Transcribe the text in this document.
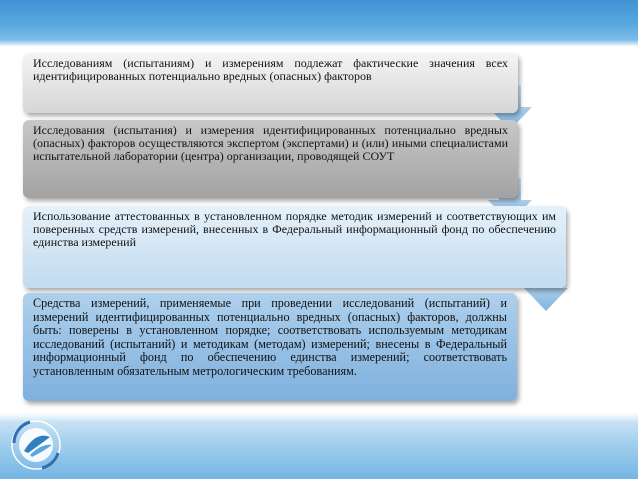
Исследованиям (испытаниям) и измерениям подлежат фактические значения всех идентифицированных потенциально вредных (опасных) факторов
Исследования (испытания) и измерения идентифицированных потенциально вредных (опасных) факторов осуществляются экспертом (экспертами) и (или) иными специалистами испытательной лаборатории (центра) организации, проводящей СОУТ
Использование аттестованных в установленном порядке методик измерений и соответствующих им поверенных средств измерений, внесенных в Федеральный информационный фонд по обеспечению единства измерений
Средства измерений, применяемые при проведении исследований (испытаний) и измерений идентифицированных потенциально вредных (опасных) факторов, должны быть: поверены в установленном порядке; соответствовать используемым методикам исследований (испытаний) и методикам (методам) измерений; внесены в Федеральный информационный фонд по обеспечению единства измерений; соответствовать установленным обязательным метрологическим требованиям.
